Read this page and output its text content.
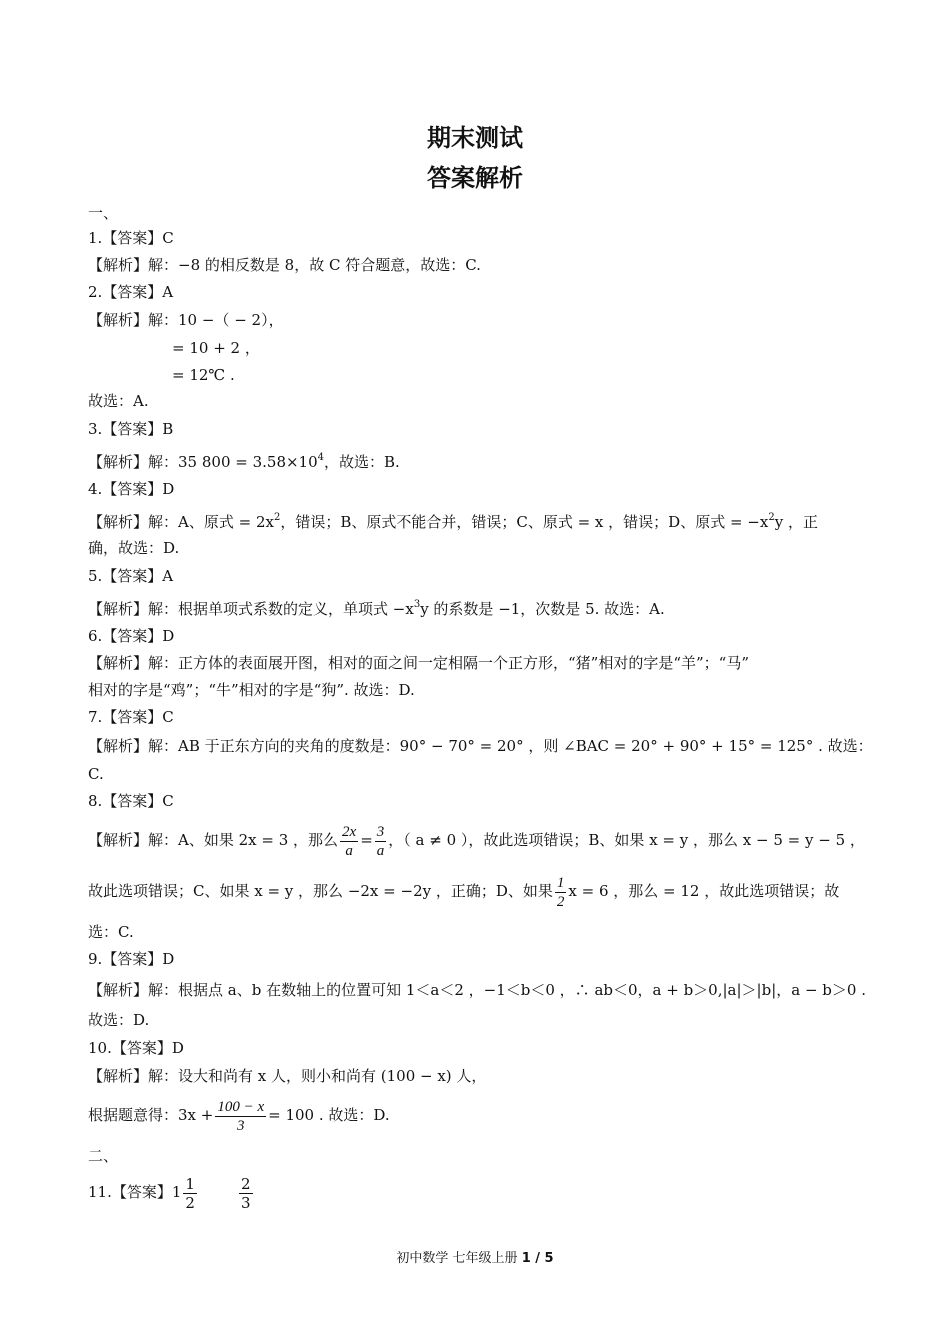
期末测试
答案解析
一、
1.【答案】C
【解析】解：−8 的相反数是 8，故 C 符合题意，故选：C.
2.【答案】A
【解析】解：10 −（ − 2），
= 10 + 2 ，
= 12℃ .
故选：A.
3.【答案】B
【解析】解：35 $800 = 3.58\times 10^4$，故选：B.
4.【答案】D
【解析】解：A、原式 = $2x^2$，错误；B、原式不能合并，错误；C、原式 = x ，错误；D、原式 = $-x^2y$ ，正
确，故选：D.
5.【答案】A
【解析】解：根据单项式系数的定义，单项式 $-x^3y$ 的系数是 −1，次数是 5. 故选：A.
6.【答案】D
【解析】解：正方体的表面展开图，相对的面之间一定相隔一个正方形，“猪”相对的字是“羊”；“马”
相对的字是“鸡”；“牛”相对的字是“狗”. 故选：D.
7.【答案】C
【解析】解：AB 于正东方向的夹角的度数是：90° − 70° = 20° ，则 ∠BAC = 20° + 90° + 15° = 125° . 故选：
C.
8.【答案】C
【解析】解：A、如果 2x = 3 ，那么 $\frac{2x}{a} = \frac{3}{a}$ ，（ a ≠ 0 ），故此选项错误；B、如果 x = y ，那么 x − 5 = y − 5 ，
故此选项错误；C、如果 x = y ，那么 −2x = −2y ，正确；D、如果 $\frac{1}{2}$ x = 6 ，那么 = 12 ，故此选项错误；故
选：C.
9.【答案】D
【解析】解：根据点 a、b 在数轴上的位置可知 1＜a＜2 ，−1＜b＜0 ，∴ ab＜0，a + b＞0,|a|＞|b|，a − b＞0 .
故选：D.
10.【答案】D
【解析】解：设大和尚有 x 人，则小和尚有 (100 − x) 人，
根据题意得：$3x + \frac{100 - x}{3} = 100$ . 故选：D.
二、
11.【答案】$1 \frac{1}{2}$	$\frac{2}{3}$
初中数学 七年级上册 1 / 5
